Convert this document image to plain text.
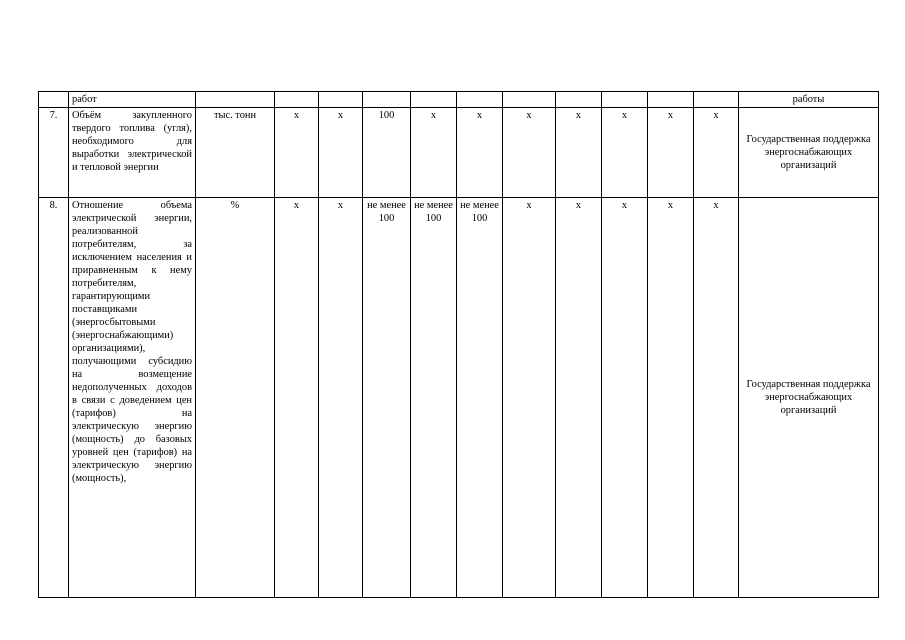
	работ												работы
7.	Объём закупленного твердого топлива (угля), необходимого для выработки электрической и тепловой энергии	тыс. тонн	х	х	100	х	х	х	х	х	х	х	Государственная поддержка энергоснабжающих организаций
8.	Отношение объема электрической энергии, реализованной потребителям, за исключением населения и приравненным к нему потребителям, гарантирующими поставщиками (энергосбытовыми (энергоснабжающими) организациями), получающими субсидию на возмещение недополученных доходов в связи с доведением цен (тарифов) на электрическую энергию (мощность) до базовых уровней цен (тарифов) на электрическую энергию (мощность),	%	х	х	не менее 100	не менее 100	не менее 100	х	х	х	х	х	Государственная поддержка энергоснабжающих организаций
